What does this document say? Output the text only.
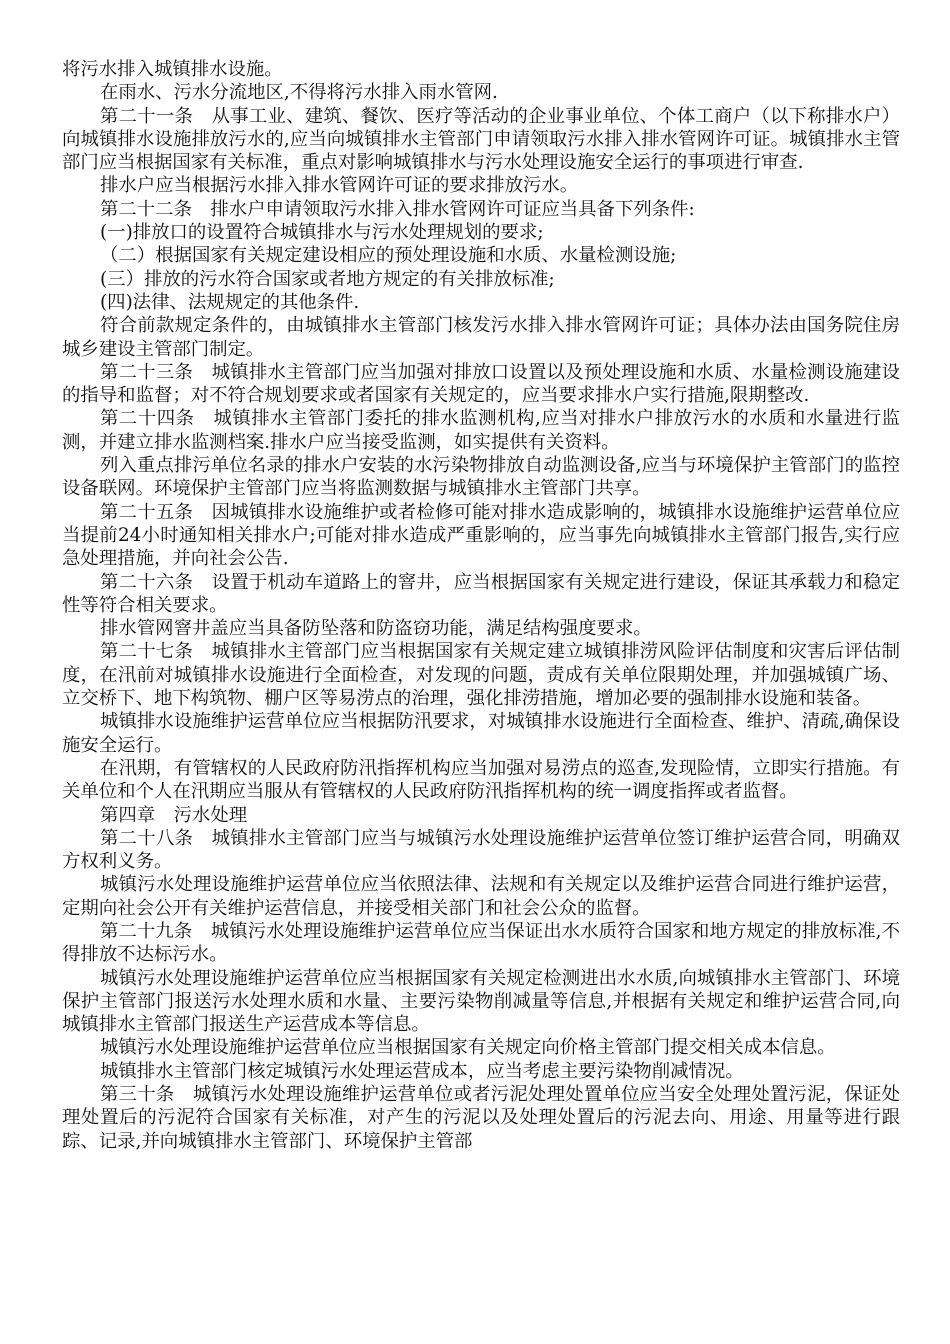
将污水排入城镇排水设施。

在雨水、污水分流地区,不得将污水排入雨水管网.

第二十一条　从事工业、建筑、餐饮、医疗等活动的企业事业单位、个体工商户（以下称排水户）向城镇排水设施排放污水的,应当向城镇排水主管部门申请领取污水排入排水管网许可证。城镇排水主管部门应当根据国家有关标准，重点对影响城镇排水与污水处理设施安全运行的事项进行审查.

排水户应当根据污水排入排水管网许可证的要求排放污水。

第二十二条　排水户申请领取污水排入排水管网许可证应当具备下列条件:

(一)排放口的设置符合城镇排水与污水处理规划的要求;

（二）根据国家有关规定建设相应的预处理设施和水质、水量检测设施;

(三）排放的污水符合国家或者地方规定的有关排放标准;

(四)法律、法规规定的其他条件.

符合前款规定条件的，由城镇排水主管部门核发污水排入排水管网许可证；具体办法由国务院住房城乡建设主管部门制定。

第二十三条　城镇排水主管部门应当加强对排放口设置以及预处理设施和水质、水量检测设施建设的指导和监督；对不符合规划要求或者国家有关规定的，应当要求排水户实行措施,限期整改.

第二十四条　城镇排水主管部门委托的排水监测机构,应当对排水户排放污水的水质和水量进行监测，并建立排水监测档案.排水户应当接受监测，如实提供有关资料。

列入重点排污单位名录的排水户安装的水污染物排放自动监测设备,应当与环境保护主管部门的监控设备联网。环境保护主管部门应当将监测数据与城镇排水主管部门共享。

第二十五条　因城镇排水设施维护或者检修可能对排水造成影响的，城镇排水设施维护运营单位应当提前24小时通知相关排水户;可能对排水造成严重影响的，应当事先向城镇排水主管部门报告,实行应急处理措施，并向社会公告.

第二十六条　设置于机动车道路上的窨井，应当根据国家有关规定进行建设，保证其承载力和稳定性等符合相关要求。

排水管网窨井盖应当具备防坠落和防盗窃功能，满足结构强度要求。

第二十七条　城镇排水主管部门应当根据国家有关规定建立城镇排涝风险评估制度和灾害后评估制度，在汛前对城镇排水设施进行全面检查，对发现的问题，责成有关单位限期处理，并加强城镇广场、立交桥下、地下构筑物、棚户区等易涝点的治理，强化排涝措施，增加必要的强制排水设施和装备。

城镇排水设施维护运营单位应当根据防汛要求，对城镇排水设施进行全面检查、维护、清疏,确保设施安全运行。

在汛期，有管辖权的人民政府防汛指挥机构应当加强对易涝点的巡查,发现险情，立即实行措施。有关单位和个人在汛期应当服从有管辖权的人民政府防汛指挥机构的统一调度指挥或者监督。

第四章　污水处理

第二十八条　城镇排水主管部门应当与城镇污水处理设施维护运营单位签订维护运营合同，明确双方权利义务。

城镇污水处理设施维护运营单位应当依照法律、法规和有关规定以及维护运营合同进行维护运营，定期向社会公开有关维护运营信息，并接受相关部门和社会公众的监督。

第二十九条　城镇污水处理设施维护运营单位应当保证出水水质符合国家和地方规定的排放标准,不得排放不达标污水。

城镇污水处理设施维护运营单位应当根据国家有关规定检测进出水水质,向城镇排水主管部门、环境保护主管部门报送污水处理水质和水量、主要污染物削减量等信息,并根据有关规定和维护运营合同,向城镇排水主管部门报送生产运营成本等信息。

城镇污水处理设施维护运营单位应当根据国家有关规定向价格主管部门提交相关成本信息。

城镇排水主管部门核定城镇污水处理运营成本，应当考虑主要污染物削减情况。

第三十条　城镇污水处理设施维护运营单位或者污泥处理处置单位应当安全处理处置污泥，保证处理处置后的污泥符合国家有关标准，对产生的污泥以及处理处置后的污泥去向、用途、用量等进行跟踪、记录,并向城镇排水主管部门、环境保护主管部
